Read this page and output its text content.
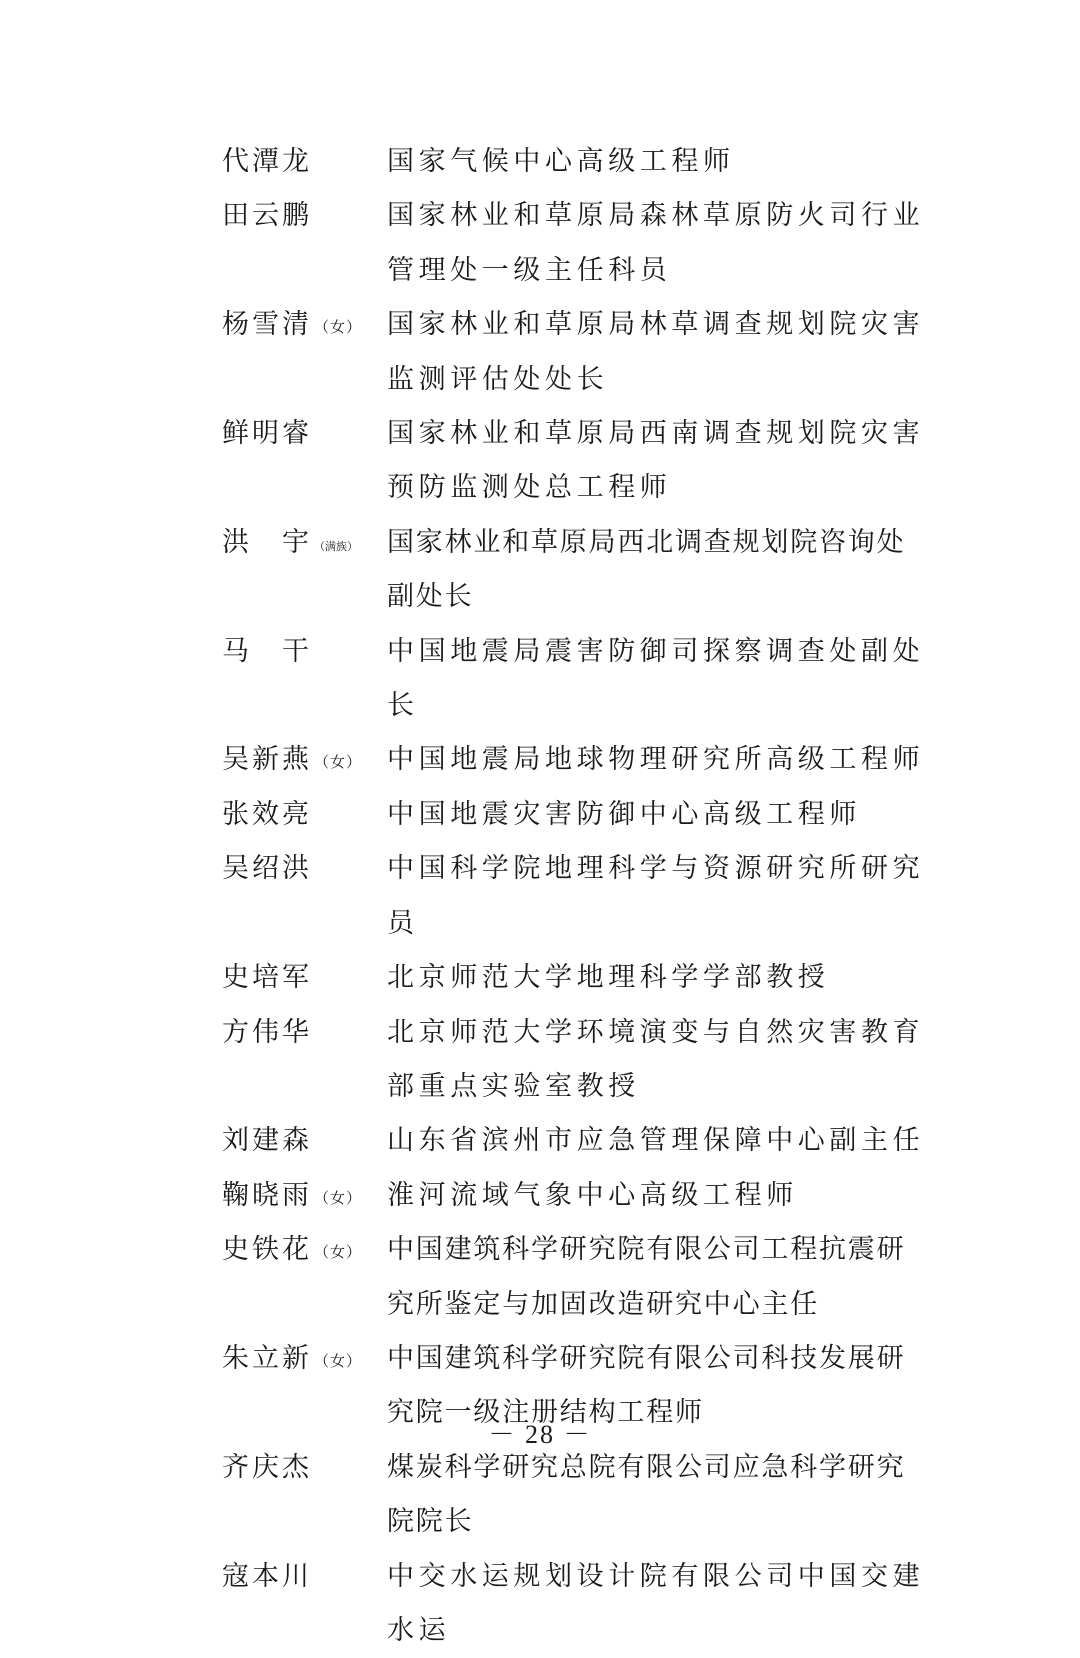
代潭龙	国家气候中心高级工程师
田云鹏	国家林业和草原局森林草原防火司行业管理处一级主任科员
杨雪清 （女） 国家林业和草原局林草调查规划院灾害监测评估处处长
鲜明睿	国家林业和草原局西南调查规划院灾害预防监测处总工程师
洪　宇 （满族）	国家林业和草原局西北调查规划院咨询处副处长
马　干	中国地震局震害防御司探察调查处副处长
吴新燕 （女） 中国地震局地球物理研究所高级工程师
张效亮	中国地震灾害防御中心高级工程师
吴绍洪	中国科学院地理科学与资源研究所研究员
史培军	北京师范大学地理科学学部教授
方伟华	北京师范大学环境演变与自然灾害教育部重点实验室教授
刘建森	山东省滨州市应急管理保障中心副主任
鞠晓雨 （女） 淮河流域气象中心高级工程师
史铁花 （女） 中国建筑科学研究院有限公司工程抗震研究所鉴定与加固改造研究中心主任
朱立新 （女） 中国建筑科学研究院有限公司科技发展研究院一级注册结构工程师
齐庆杰	煤炭科学研究总院有限公司应急科学研究院院长
寇本川	中交水运规划设计院有限公司中国交建水运
－ 28 －
